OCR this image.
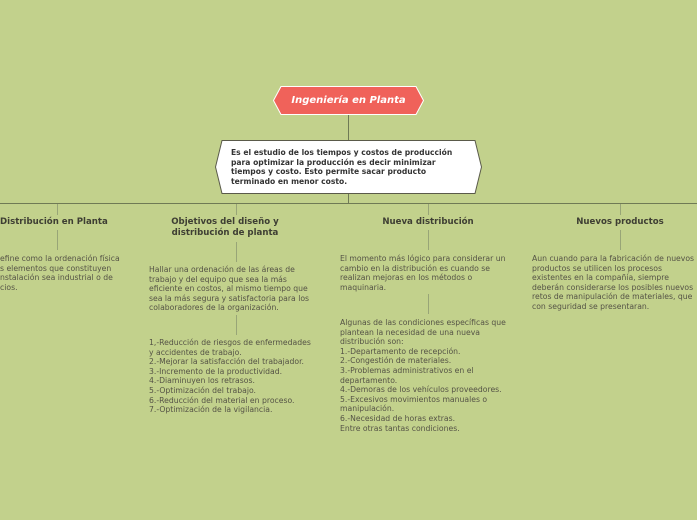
Ingeniería en Planta
Es el estudio de los tiempos y costos de producción para optimizar la producción es decir minimizar tiempos y costo. Esto permite sacar producto terminado en menor costo.
Distribución en Planta
efine como la ordenación física
s elementos que constituyen
nstalación sea industrial o de
cios.
Objetivos del diseño y
distribución de planta
Hallar una ordenación de las áreas de
trabajo y del equipo que sea la más
eficiente en costos, al mismo tiempo que
sea la más segura y satisfactoria para los
colaboradores de la organización.
1,-Reducción de riesgos de enfermedades
y accidentes de trabajo.
2.-Mejorar la satisfacción del trabajador.
3.-Incremento de la productividad.
4.-Diaminuyen los retrasos.
5.-Optimización del trabajo.
6.-Reducción del material en proceso.
7.-Optimización de la vigilancia.
Nueva distribución
El momento más lógico para considerar un
cambio en la distribución es cuando se
realizan mejoras en los métodos o
maquinaria.
Algunas de las condiciones específicas que
plantean la necesidad de una nueva
distribución son:
1.-Departamento de recepción.
2.-Congestión de materiales.
3.-Problemas administrativos en el
departamento.
4.-Demoras de los vehículos proveedores.
5.-Excesivos movimientos manuales o
manipulación.
6.-Necesidad de horas extras.
Entre otras tantas condiciones.
Nuevos productos
Aun cuando para la fabricación de nuevos
productos se utilicen los procesos
existentes en la compañía, siempre
deberán considerarse los posibles nuevos
retos de manipulación de materiales, que
con seguridad se presentaran.
